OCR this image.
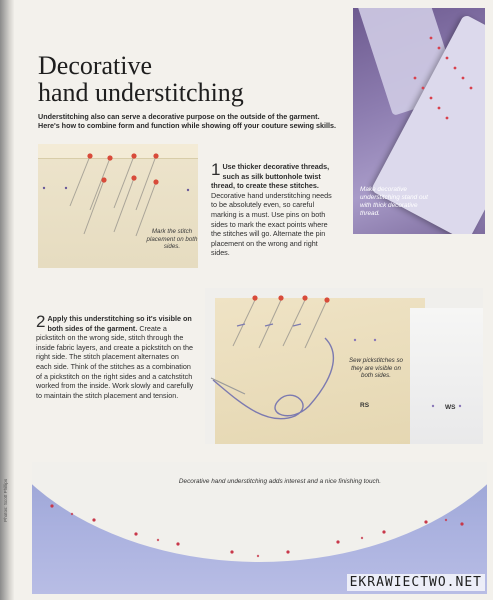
Decorative
hand understitching

Understitching also can serve a decorative purpose on the outside of the garment. Here's how to combine form and function while showing off your couture sewing skills.

Make decorative understitching stand out with thick decorative thread.

Mark the stitch placement on both sides.

1 Use thicker decorative threads, such as silk buttonhole twist thread, to create these stitches. Decorative hand understitching needs to be absolutely even, so careful marking is a must. Use pins on both sides to mark the exact points where the stitches will go. Alternate the pin placement on the wrong and right sides.
2 Apply this understitching so it's visible on both sides of the garment. Create a pickstitch on the wrong side, stitch through the inside fabric layers, and create a pickstitch on the right side. The stitch placement alternates on each side. Think of the stitches as a combination of a pickstitch on the right sides and a catchstitch worked from the inside. Work slowly and carefully to maintain the stitch placement and tension.

Sew pickstitches so they are visible on both sides.

RS	WS

Decorative hand understitching adds interest and a nice finishing touch.

Photos: Scott Phillips

EKRAWIECTWO.NET
